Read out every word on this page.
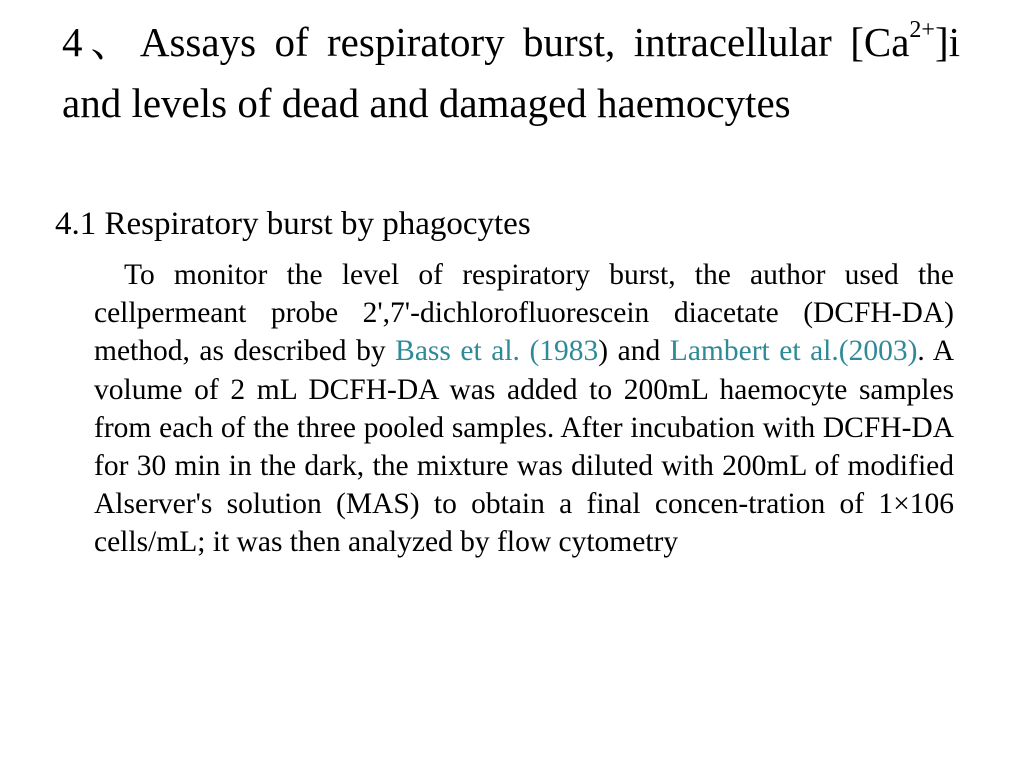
4、Assays of respiratory burst, intracellular $[Ca^{2+}]i$ and levels of dead and damaged haemocytes
4.1 Respiratory burst by phagocytes

To monitor the level of respiratory burst, the author used the cellpermeant probe 2',7'-dichlorofluorescein diacetate (DCFH-DA) method, as described by Bass et al. (1983) and Lambert et al.(2003). A volume of 2 mL DCFH-DA was added to 200mL haemocyte samples from each of the three pooled samples. After incubation with DCFH-DA for 30 min in the dark, the mixture was diluted with 200mL of modified Alserver's solution (MAS) to obtain a final concen-tration of 1×106 cells/mL; it was then analyzed by flow cytometry
